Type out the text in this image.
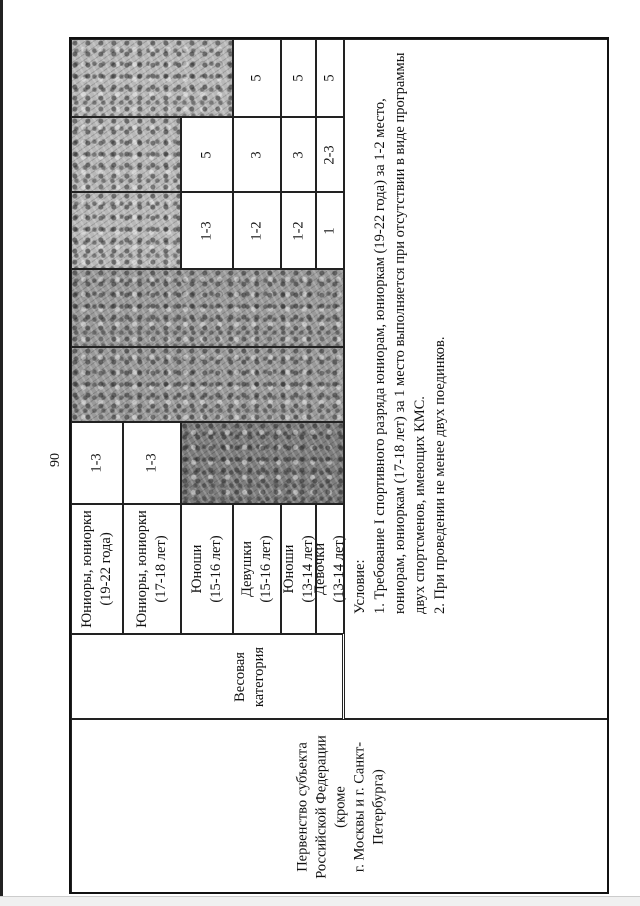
90
Первенство субъекта
Российской Федерации
(кроме
г. Москвы и г. Санкт-
Петербурга)
Весовая
категория
Юниоры, юниорки
(19-22 года)
Юниоры, юниорки
(17-18 лет) Юноши
(15-16 лет) Девушки
(15-16 лет) Юноши
(13-14 лет)
Девочки
(13-14 лет)
1-3	1-3
1-3 1-2 1-2 1
5 3 3 2-3
5 5 5
Условие: 1. Требование I спортивного разряда юниорам, юниоркам (19-22 года) за 1-2 место, юниорам, юниоркам (17-18 лет) за 1 место выполняется при отсутствии в виде программы двух спортсменов, имеющих КМС. 2. При проведении не менее двух поединков.
